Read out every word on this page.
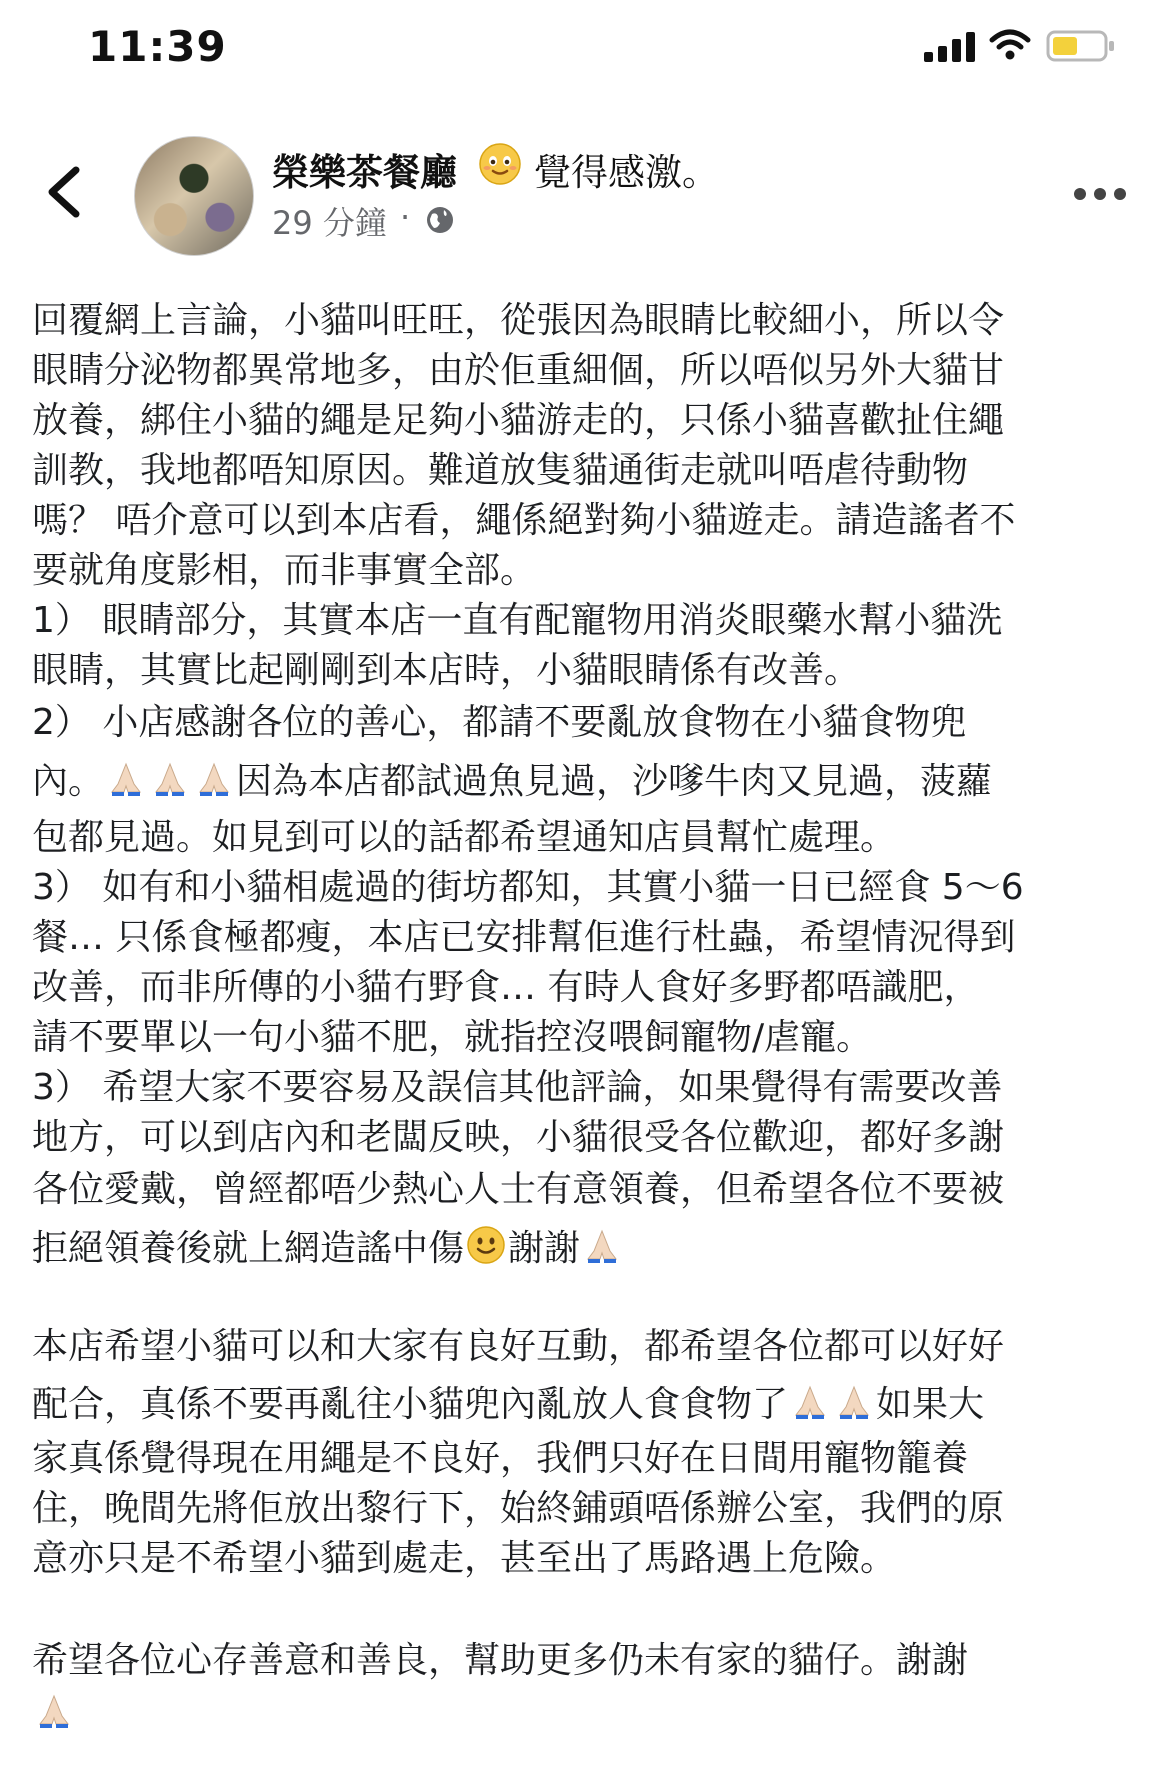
11:39
榮樂茶餐廳 覺得感激。
29 分鐘 ·
回覆網上言論，小貓叫旺旺，從張因為眼睛比較細小，所以令
眼睛分泌物都異常地多，由於佢重細個，所以唔似另外大貓甘
放養，綁住小貓的繩是足夠小貓游走的，只係小貓喜歡扯住繩
訓教，我地都唔知原因。難道放隻貓通街走就叫唔虐待動物
嗎？ 唔介意可以到本店看，繩係絕對夠小貓遊走。請造謠者不
要就角度影相，而非事實全部。
1） 眼睛部分，其實本店一直有配寵物用消炎眼藥水幫小貓洗
眼睛，其實比起剛剛到本店時，小貓眼睛係有改善。
2） 小店感謝各位的善心，都請不要亂放食物在小貓食物兜
內。	因為本店都試過魚見過，沙嗲牛肉又見過，菠蘿
包都見過。如見到可以的話都希望通知店員幫忙處理。
3） 如有和小貓相處過的街坊都知，其實小貓一日已經食 5～6
餐… 只係食極都瘦，本店已安排幫佢進行杜蟲，希望情況得到
改善，而非所傳的小貓冇野食… 有時人食好多野都唔識肥，
請不要單以一句小貓不肥，就指控沒喂飼寵物/虐寵。
3） 希望大家不要容易及誤信其他評論，如果覺得有需要改善
地方，可以到店內和老闆反映，小貓很受各位歡迎，都好多謝
各位愛戴，曾經都唔少熱心人士有意領養，但希望各位不要被
拒絕領養後就上網造謠中傷 謝謝
本店希望小貓可以和大家有良好互動，都希望各位都可以好好
配合，真係不要再亂往小貓兜內亂放人食食物了 如果大
家真係覺得現在用繩是不良好，我們只好在日間用寵物籠養
住，晚間先將佢放出黎行下，始終鋪頭唔係辦公室，我們的原
意亦只是不希望小貓到處走，甚至出了馬路遇上危險。
希望各位心存善意和善良，幫助更多仍未有家的貓仔。謝謝
